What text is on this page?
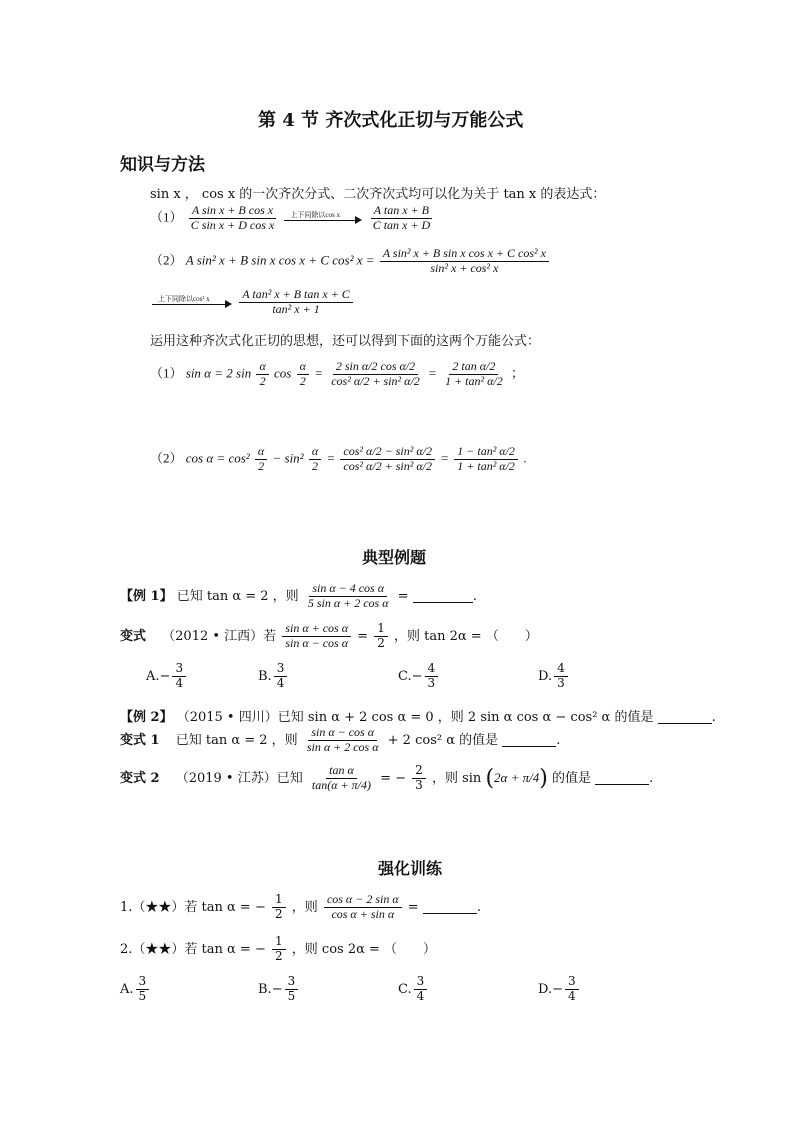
第 4 节 齐次式化正切与万能公式
知识与方法
sin x ， cos x 的一次齐次分式、二次齐次式均可以化为关于 tan x 的表达式：
$(1) \frac{\text{A sin x + B cos x}}{\text{C sin x + D cos x}}$
上下同除以cos x
$\frac{\text{A tan x + B}}{\text{C tan x + D}}$
（2） A sin² x + B sin x cos x + C cos² $x = \frac{\text{A sin² x + B sin x cos x + C cos² x}}{\text{sin² x + cos² x}}$
上下同除以cos² x
$\frac{\text{A tan² x + B tan x + C}}{\text{tan² x + 1}}$
运用这种齐次式化正切的思想，还可以得到下面的这两个万能公式：
（1） sin α = 2 $\sin \frac{\alpha}{2}$ $\cos \frac{\alpha}{2} = \frac{\text{2 sin α/2 cos α/2}}{\text{cos² α/2 + sin² α/2}} = \frac{\text{2 tan α/2}}{\text{1 + tan² α/2}}$ ；
（2） $\cos \alpha = \cos^2 \frac{\alpha}{2} - \sin^2 \frac{\alpha}{2} = \frac{\text{cos² α/2 − sin² α/2}}{\text{cos² α/2 + sin² α/2}} = \frac{\text{1 − tan² α/2}}{\text{1 + tan² α/2}}$ .
典型例题
【例 1】 已知 tan α = 2 ，则 $\frac{\text{sin α − 4 cos α}}{\text{5 sin α + 2 cos α}}$ =	.
变式 （2012 • 江西）若 $\frac{\text{sin α + cos α}}{\text{sin α − cos α}} = \frac{1}{2}$ ，则 tan 2α = （　　）
$A.- \frac{3}{4}$	B. $\frac{3}{4}$	$C.- \frac{4}{3}$	D. $\frac{4}{3}$
【例 2】 （2015 • 四川）已知 sin α + 2 cos α = 0 ，则 2 sin α cos α − cos² α 的值是	.
变式 1 已知 tan α = 2 ，则 $\frac{\text{sin α − cos α}}{\text{sin α + 2 cos α}} + 2$ cos² α 的值是	.
变式 2 （2019 • 江苏）已知 $\frac{\text{tan α}}{\tan(\alpha + \pi/4)}$ = − $\frac{2}{3}$ ，则 sin (2α + π/4) 的值是	.
强化训练
1.（★★）若 tan α = − $\frac{1}{2}$ ，则 $\frac{\text{cos α − 2 sin α}}{\text{cos α + sin α}}$ =	.
2.（★★）若 tan α = − $\frac{1}{2}$ ，则 cos 2α = （　　）
A. $\frac{3}{5}$	$B.- \frac{3}{5}$	C. $\frac{3}{4}$	$D.- \frac{3}{4}$
